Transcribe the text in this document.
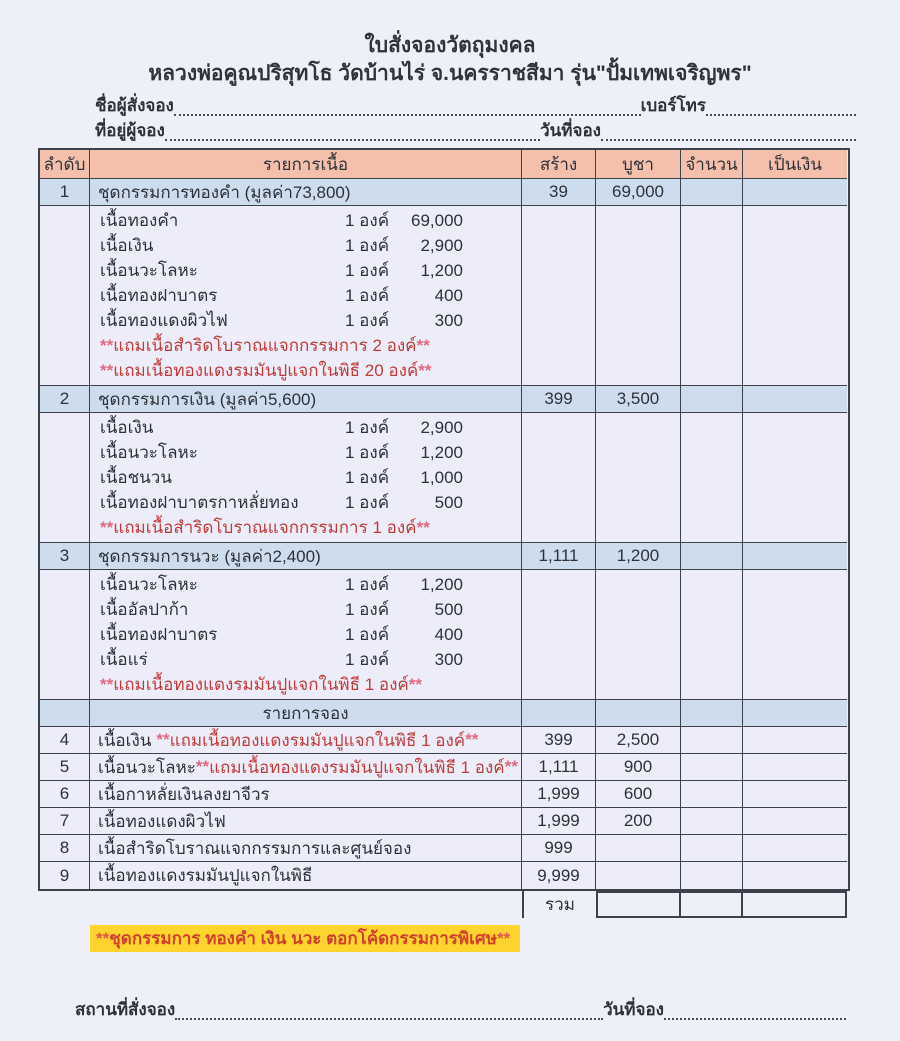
ใบสั่งจองวัตถุมงคล
หลวงพ่อคูณปริสุทโธ วัดบ้านไร่ จ.นครราชสีมา รุ่น"ปั้มเทพเจริญพร"
ชื่อผู้สั่งจอง	เบอร์โทร
ที่อยู่ผู้จอง	วันที่จอง
ลำดับ	รายการเนื้อ	สร้าง	บูชา	จำนวน	เป็นเงิน
1	ชุดกรรมการทองคำ (มูลค่า73,800)	39	69,000
เนื้อทองคำ	1 องค์	69,000
เนื้อเงิน	1 องค์	2,900
เนื้อนวะโลหะ	1 องค์	1,200
เนื้อทองฝาบาตร	1 องค์	400
เนื้อทองแดงผิวไฟ	1 องค์	300
**แถมเนื้อสำริดโบราณแจกกรรมการ 2 องค์**
**แถมเนื้อทองแดงรมมันปูแจกในพิธี 20 องค์**
2	ชุดกรรมการเงิน (มูลค่า5,600)	399	3,500
เนื้อเงิน	1 องค์	2,900
เนื้อนวะโลหะ	1 องค์	1,200
เนื้อชนวน	1 องค์	1,000
เนื้อทองฝาบาตรกาหลั่ยทอง	1 องค์	500
**แถมเนื้อสำริดโบราณแจกกรรมการ 1 องค์**
3	ชุดกรรมการนวะ (มูลค่า2,400)	1,111	1,200
เนื้อนวะโลหะ	1 องค์	1,200
เนื้ออัลปาก้า	1 องค์	500
เนื้อทองฝาบาตร	1 องค์	400
เนื้อแร่	1 องค์	300
**แถมเนื้อทองแดงรมมันปูแจกในพิธี 1 องค์**
รายการจอง
4	เนื้อเงิน ** แถมเนื้อทองแดงรมมันปูแจกในพิธี 1 องค์ **	399	2,500
5	เนื้อนวะโลหะ ** แถมเนื้อทองแดงรมมันปูแจกในพิธี 1 องค์ **	1,111	900
6	เนื้อกาหลั่ยเงินลงยาจีวร	1,999	600
7	เนื้อทองแดงผิวไฟ	1,999	200
8	เนื้อสำริดโบราณแจกกรรมการและศูนย์จอง	999
9	เนื้อทองแดงรมมันปูแจกในพิธี	9,999
รวม
**ชุดกรรมการ ทองคำ เงิน นวะ ตอกโค้ดกรรมการพิเศษ**
สถานที่สั่งจอง	วันที่จอง
